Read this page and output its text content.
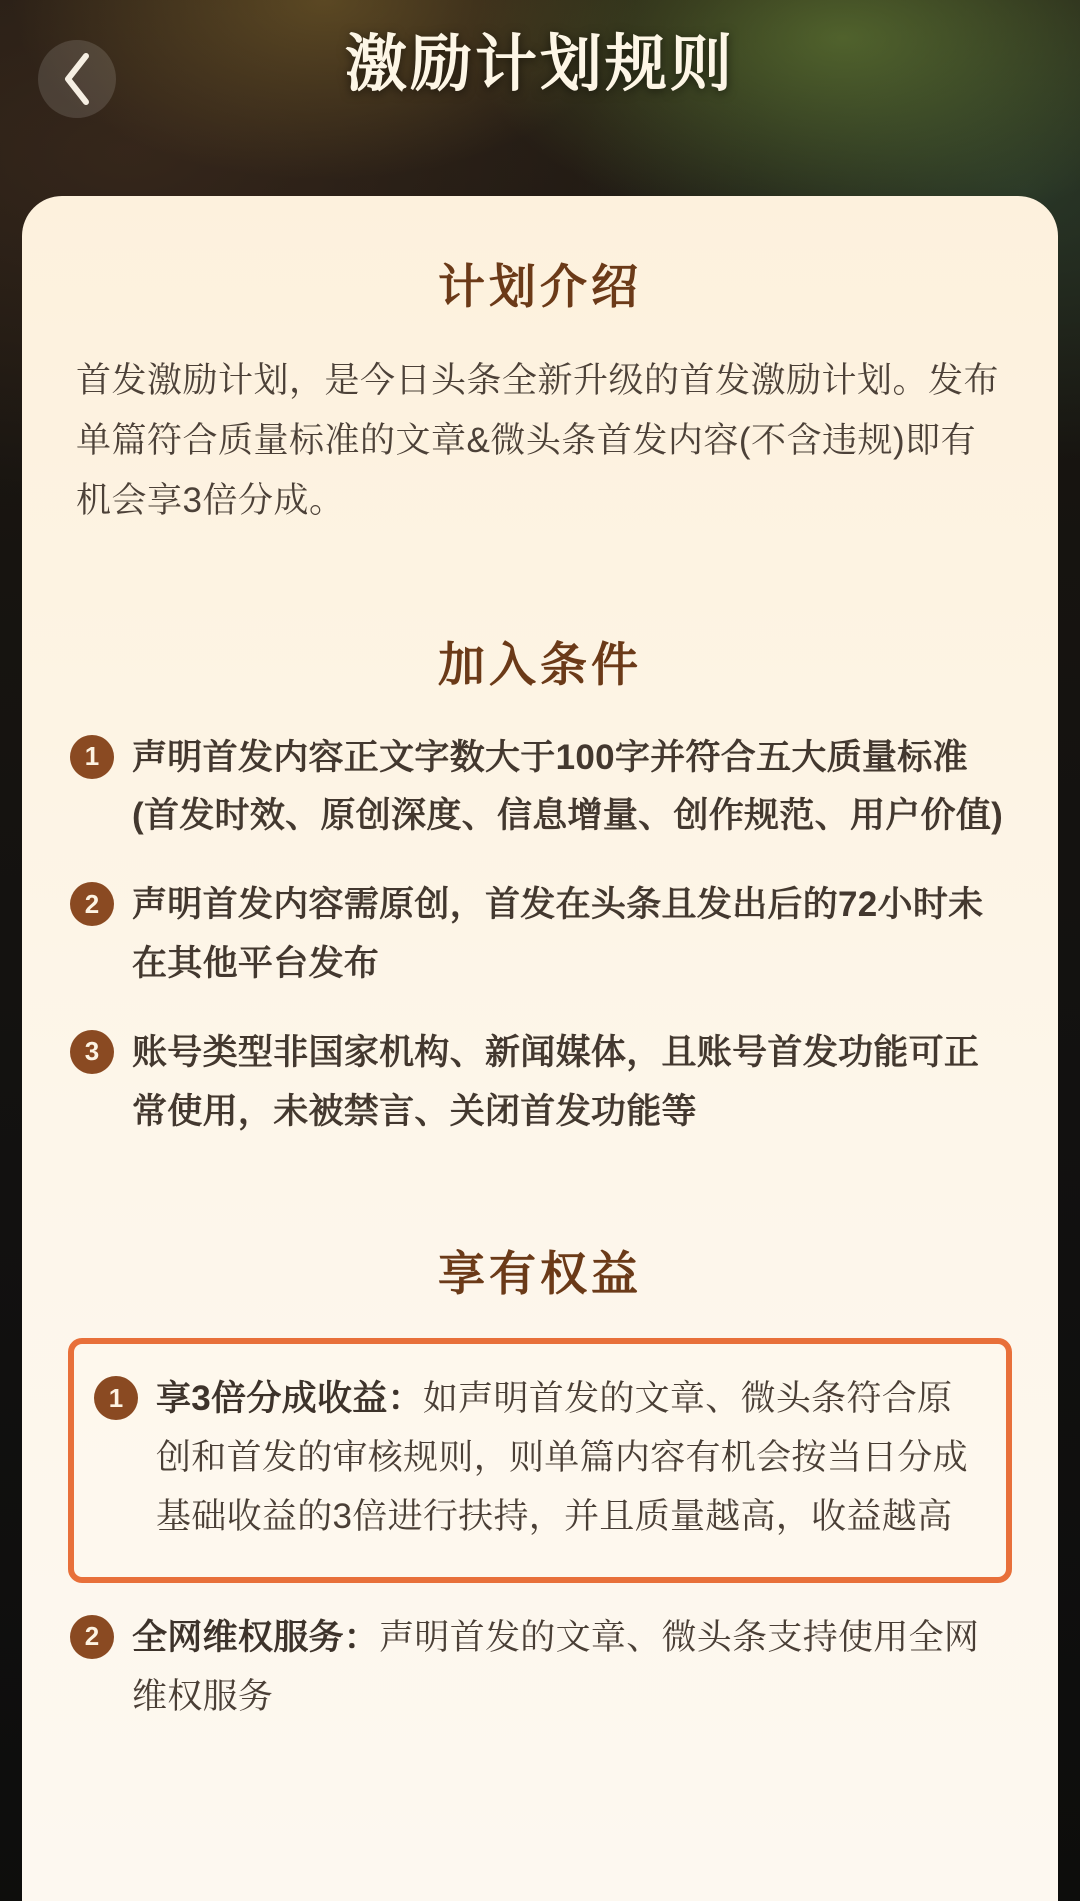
激励计划规则
计划介绍
首发激励计划，是今日头条全新升级的首发激励计划。发布单篇符合质量标准的文章&微头条首发内容(不含违规)即有机会享3倍分成。
加入条件
1 声明首发内容正文字数大于100字并符合五大质量标准(首发时效、原创深度、信息增量、创作规范、用户价值)
2 声明首发内容需原创，首发在头条且发出后的72小时未在其他平台发布
3 账号类型非国家机构、新闻媒体，且账号首发功能可正常使用，未被禁言、关闭首发功能等
享有权益
1 享3倍分成收益：如声明首发的文章、微头条符合原创和首发的审核规则，则单篇内容有机会按当日分成基础收益的3倍进行扶持，并且质量越高，收益越高
2 全网维权服务：声明首发的文章、微头条支持使用全网维权服务
